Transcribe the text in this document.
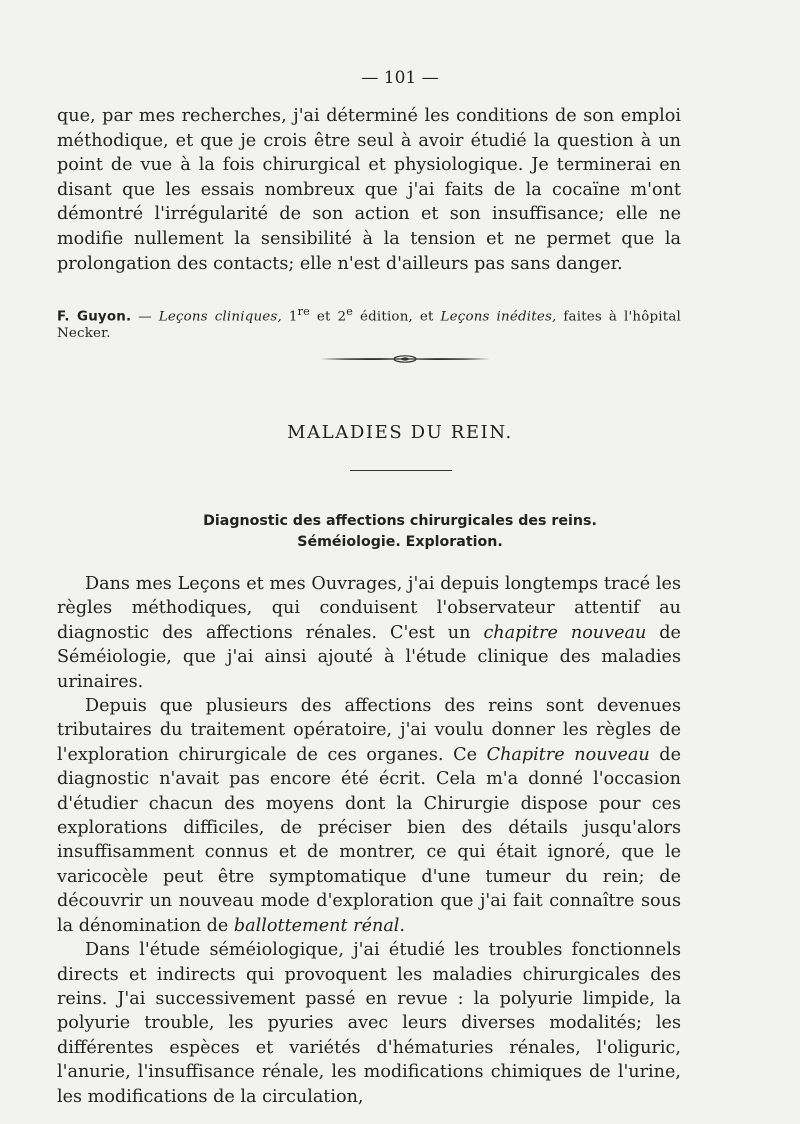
— 101 —

que, par mes recherches, j'ai déterminé les conditions de son emploi méthodique, et que je crois être seul à avoir étudié la question à un point de vue à la fois chirurgical et physiologique. Je terminerai en disant que les essais nombreux que j'ai faits de la cocaïne m'ont démontré l'irrégularité de son action et son insuffisance; elle ne modifie nullement la sensibilité à la tension et ne permet que la prolongation des contacts; elle n'est d'ailleurs pas sans danger.

F. Guyon. — Leçons cliniques, 1re et 2e édition, et Leçons inédites, faites à l'hôpital Necker.
MALADIES DU REIN.
Diagnostic des affections chirurgicales des reins.
Séméiologie. Exploration.

Dans mes Leçons et mes Ouvrages, j'ai depuis longtemps tracé les règles méthodiques, qui conduisent l'observateur attentif au diagnostic des affections rénales. C'est un chapitre nouveau de Séméiologie, que j'ai ainsi ajouté à l'étude clinique des maladies urinaires.

Depuis que plusieurs des affections des reins sont devenues tributaires du traitement opératoire, j'ai voulu donner les règles de l'exploration chirurgicale de ces organes. Ce Chapitre nouveau de diagnostic n'avait pas encore été écrit. Cela m'a donné l'occasion d'étudier chacun des moyens dont la Chirurgie dispose pour ces explorations difficiles, de préciser bien des détails jusqu'alors insuffisamment connus et de montrer, ce qui était ignoré, que le varicocèle peut être symptomatique d'une tumeur du rein; de découvrir un nouveau mode d'exploration que j'ai fait connaître sous la dénomination de ballottement rénal.

Dans l'étude séméiologique, j'ai étudié les troubles fonctionnels directs et indirects qui provoquent les maladies chirurgicales des reins. J'ai successivement passé en revue : la polyurie limpide, la polyurie trouble, les pyuries avec leurs diverses modalités; les différentes espèces et variétés d'hématuries rénales, l'oliguric, l'anurie, l'insuffisance rénale, les modifications chimiques de l'urine, les modifications de la circulation,
